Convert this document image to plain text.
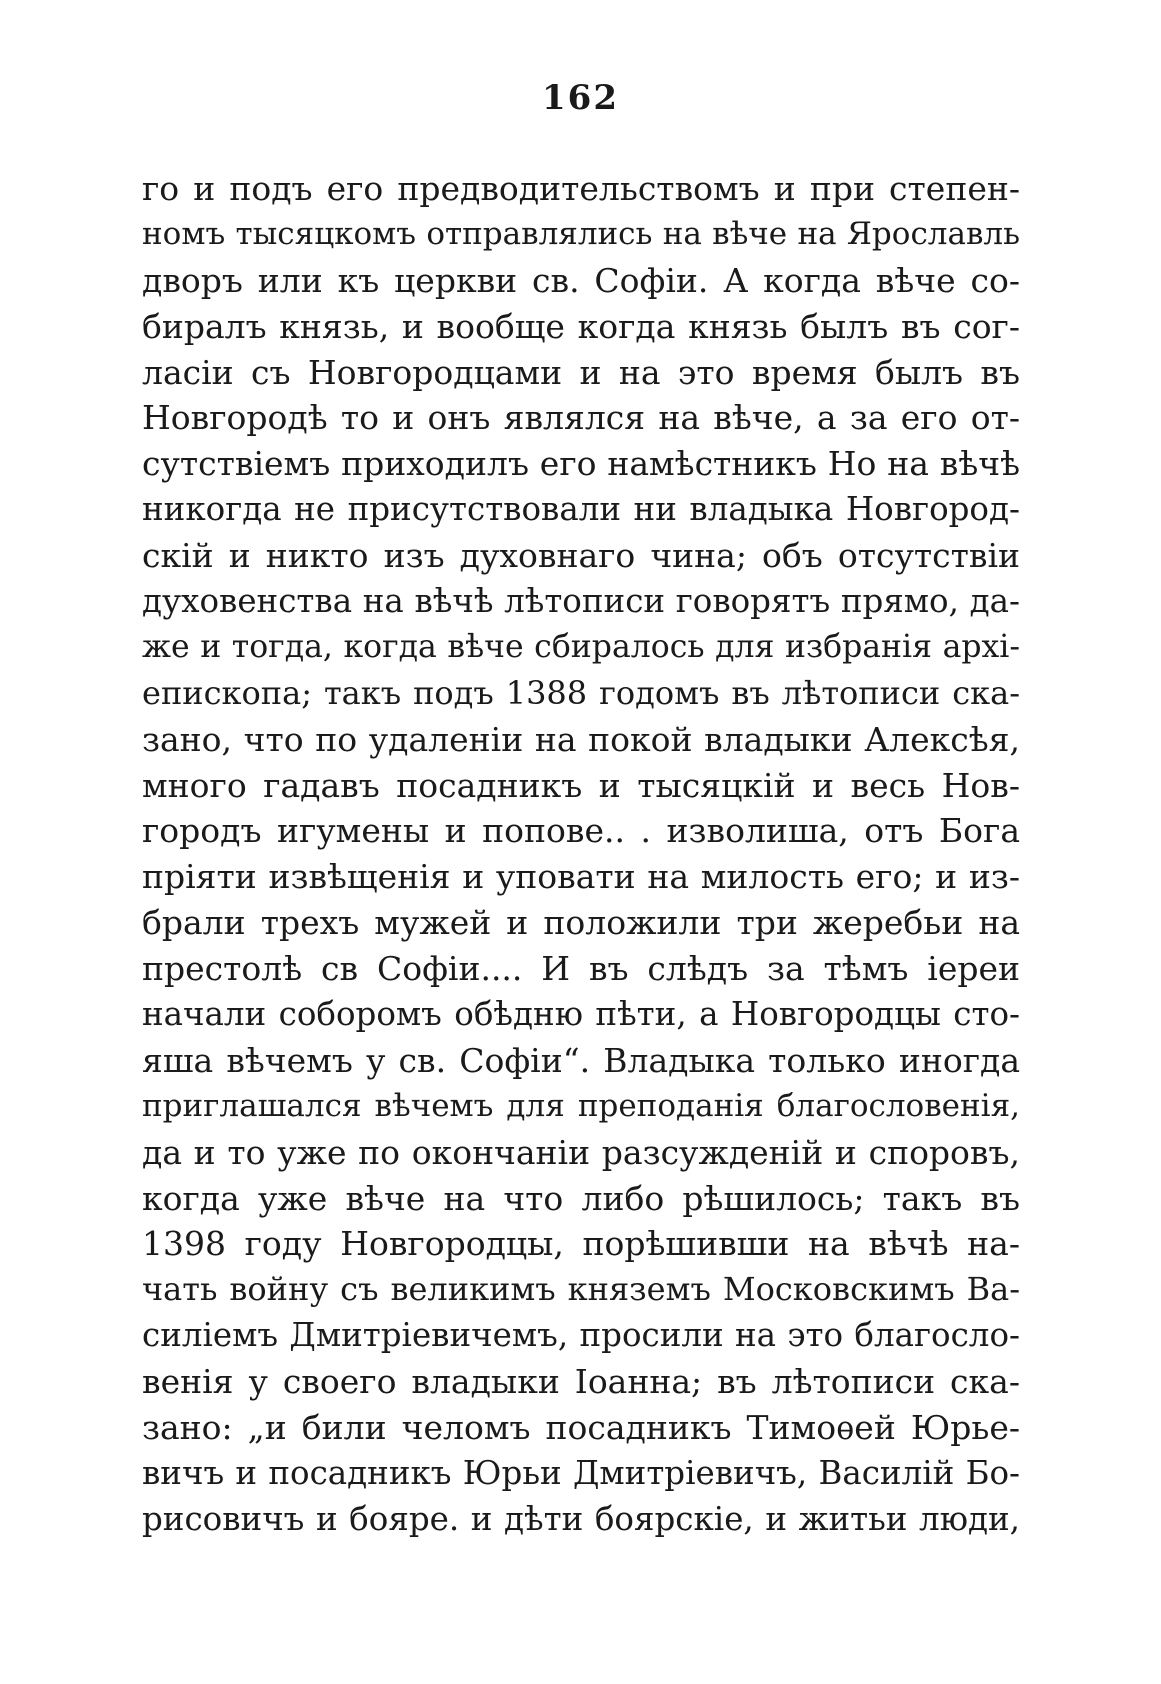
162
го и подъ его предводительствомъ и при степен-
номъ тысяцкомъ отправлялись на вѣче на Ярославль
дворъ или къ церкви св. Софіи. А когда вѣче со-
биралъ князь, и вообще когда князь былъ въ сог-
ласіи съ Новгородцами и на это время былъ въ
Новгородѣ то и онъ являлся на вѣче, а за его от-
сутствіемъ приходилъ его намѣстникъ Но на вѣчѣ
никогда не присутствовали ни владыка Новгород-
скій и никто изъ духовнаго чина; объ отсутствіи
духовенства на вѣчѣ лѣтописи говорятъ прямо, да-
же и тогда, когда вѣче сбиралось для избранія архі-
епископа; такъ подъ 1388 годомъ въ лѣтописи ска-
зано, что по удаленіи на покой владыки Алексѣя,
много гадавъ посадникъ и тысяцкій и весь Нов-
городъ игумены и попове.. . изволиша, отъ Бога
пріяти извѣщенія и уповати на милость его; и из-
брали трехъ мужей и положили три жеребьи на
престолѣ св Софіи.... И въ слѣдъ за тѣмъ іереи
начали соборомъ обѣдню пѣти, а Новгородцы сто-
яша вѣчемъ у св. Софіи“. Владыка только иногда
приглашался вѣчемъ для преподанія благословенія,
да и то уже по окончаніи разсужденій и споровъ,
когда уже вѣче на что либо рѣшилось; такъ въ
1398 году Новгородцы, порѣшивши на вѣчѣ на-
чать войну съ великимъ княземъ Московскимъ Ва-
силіемъ Дмитріевичемъ, просили на это благосло-
венія у своего владыки Іоанна; въ лѣтописи ска-
зано: „и били челомъ посадникъ Тимоѳей Юрье-
вичъ и посадникъ Юрьи Дмитріевичъ, Василій Бо-
рисовичъ и бояре. и дѣти боярскіе, и житьи люди,
